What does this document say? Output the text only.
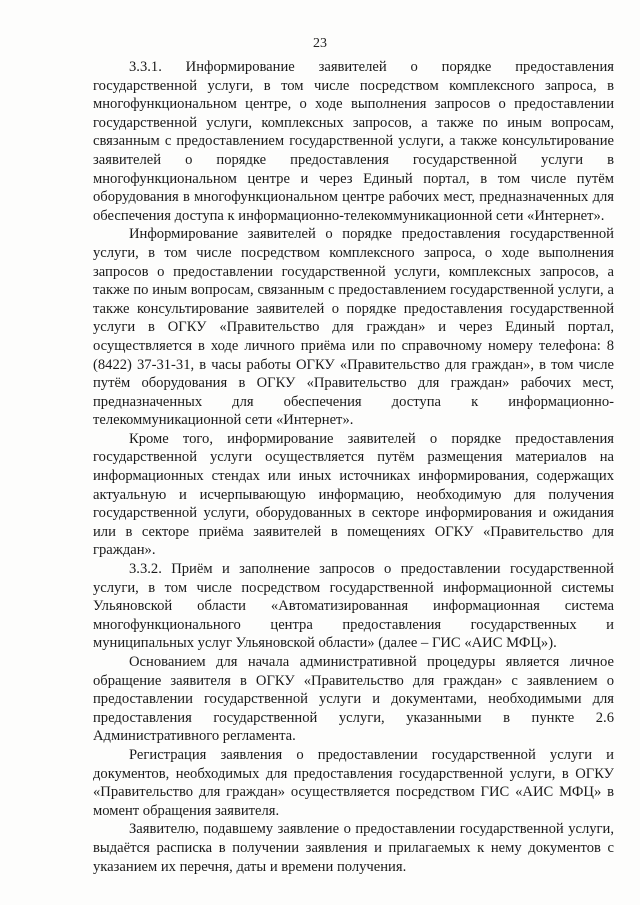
23

3.3.1. Информирование заявителей о порядке предоставления государственной услуги, в том числе посредством комплексного запроса, в многофункциональном центре, о ходе выполнения запросов о предоставлении государственной услуги, комплексных запросов, а также по иным вопросам, связанным с предоставлением государственной услуги, а также консультирование заявителей о порядке предоставления государственной услуги в многофункциональном центре и через Единый портал, в том числе путём оборудования в многофункциональном центре рабочих мест, предназначенных для обеспечения доступа к информационно-телекоммуникационной сети «Интернет».

Информирование заявителей о порядке предоставления государственной услуги, в том числе посредством комплексного запроса, о ходе выполнения запросов о предоставлении государственной услуги, комплексных запросов, а также по иным вопросам, связанным с предоставлением государственной услуги, а также консультирование заявителей о порядке предоставления государственной услуги в ОГКУ «Правительство для граждан» и через Единый портал, осуществляется в ходе личного приёма или по справочному номеру телефона: 8 (8422) 37-31-31, в часы работы ОГКУ «Правительство для граждан», в том числе путём оборудования в ОГКУ «Правительство для граждан» рабочих мест, предназначенных для обеспечения доступа к информационно-телекоммуникационной сети «Интернет».

Кроме того, информирование заявителей о порядке предоставления государственной услуги осуществляется путём размещения материалов на информационных стендах или иных источниках информирования, содержащих актуальную и исчерпывающую информацию, необходимую для получения государственной услуги, оборудованных в секторе информирования и ожидания или в секторе приёма заявителей в помещениях ОГКУ «Правительство для граждан».

3.3.2. Приём и заполнение запросов о предоставлении государственной услуги, в том числе посредством государственной информационной системы Ульяновской области «Автоматизированная информационная система многофункционального центра предоставления государственных и муниципальных услуг Ульяновской области» (далее – ГИС «АИС МФЦ»).

Основанием для начала административной процедуры является личное обращение заявителя в ОГКУ «Правительство для граждан» с заявлением о предоставлении государственной услуги и документами, необходимыми для предоставления государственной услуги, указанными в пункте 2.6 Административного регламента.

Регистрация заявления о предоставлении государственной услуги и документов, необходимых для предоставления государственной услуги, в ОГКУ «Правительство для граждан» осуществляется посредством ГИС «АИС МФЦ» в момент обращения заявителя.

Заявителю, подавшему заявление о предоставлении государственной услуги, выдаётся расписка в получении заявления и прилагаемых к нему документов с указанием их перечня, даты и времени получения.
